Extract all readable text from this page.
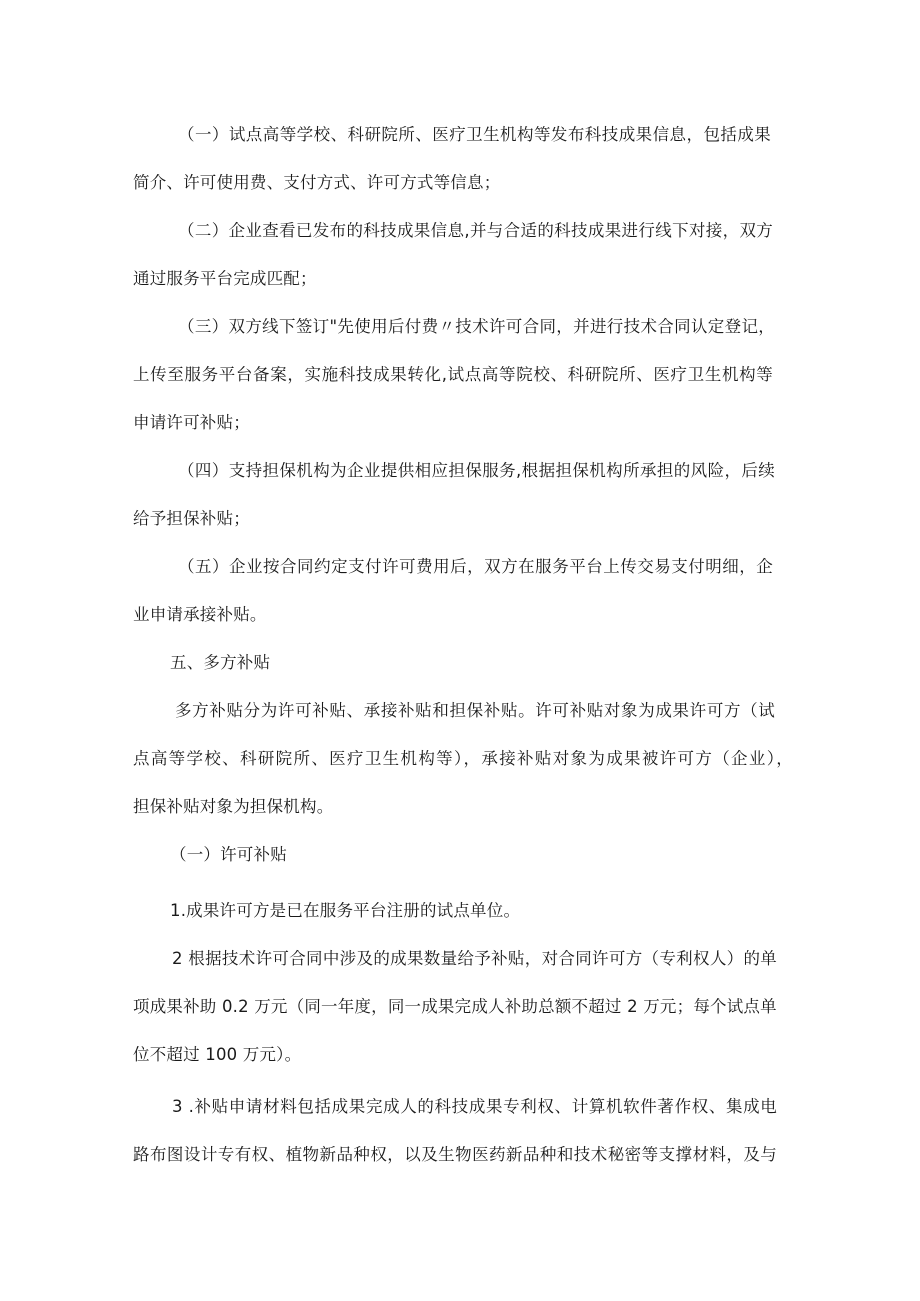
（一）试点高等学校、科研院所、医疗卫生机构等发布科技成果信息，包括成果
简介、许可使用费、支付方式、许可方式等信息；
（二）企业查看已发布的科技成果信息,并与合适的科技成果进行线下对接，双方
通过服务平台完成匹配；
（三）双方线下签订"先使用后付费〃技术许可合同，并进行技术合同认定登记，
上传至服务平台备案，实施科技成果转化,试点高等院校、科研院所、医疗卫生机构等
申请许可补贴；
（四）支持担保机构为企业提供相应担保服务,根据担保机构所承担的风险，后续
给予担保补贴；
（五）企业按合同约定支付许可费用后，双方在服务平台上传交易支付明细，企
业申请承接补贴。
五、多方补贴
多方补贴分为许可补贴、承接补贴和担保补贴。许可补贴对象为成果许可方（试
点高等学校、科研院所、医疗卫生机构等），承接补贴对象为成果被许可方（企业），
担保补贴对象为担保机构。
（一）许可补贴
1.成果许可方是已在服务平台注册的试点单位。
2 根据技术许可合同中涉及的成果数量给予补贴，对合同许可方（专利权人）的单
项成果补助 0.2 万元（同一年度，同一成果完成人补助总额不超过 2 万元；每个试点单
位不超过 100 万元）。
3 .补贴申请材料包括成果完成人的科技成果专利权、计算机软件著作权、集成电
路布图设计专有权、植物新品种权，以及生物医药新品种和技术秘密等支撑材料，及与
